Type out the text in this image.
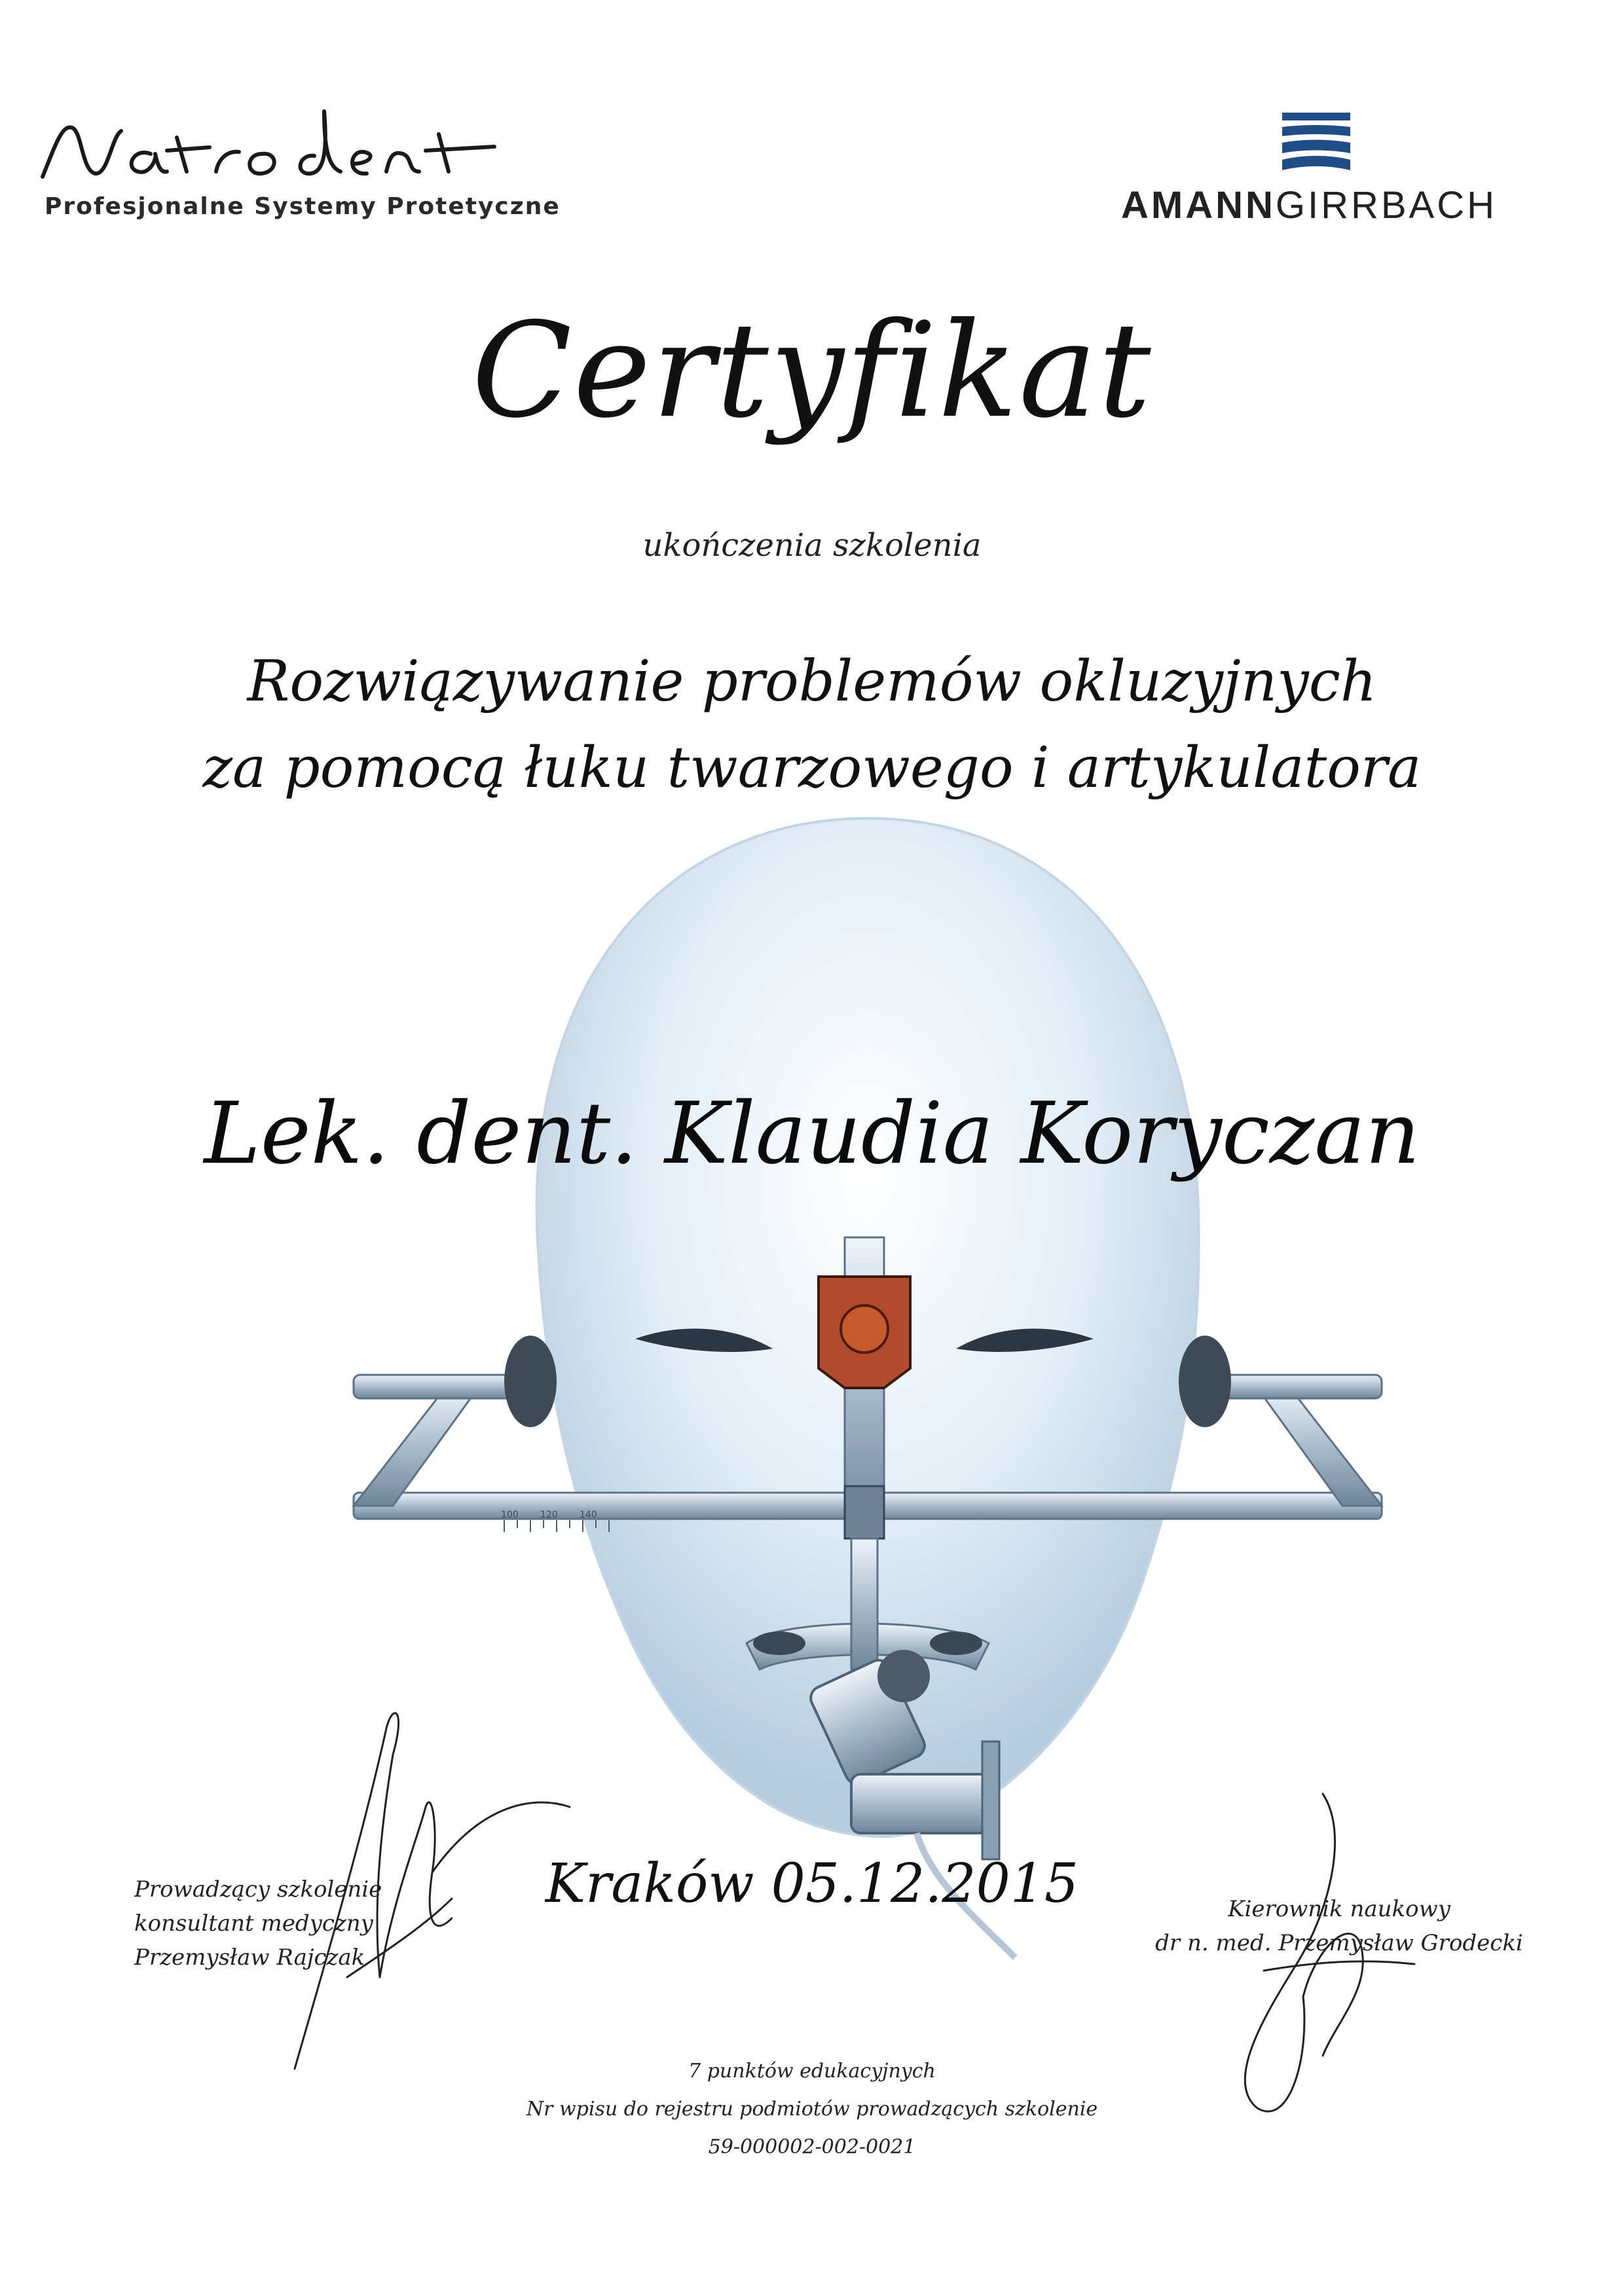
Profesjonalne Systemy Protetyczne	AMANNGIRRBACH
Certyfikat
ukończenia szkolenia
Rozwiązywanie problemów okluzyjnych
za pomocą łuku twarzowego i artykulatora
100 120 140
Lek. dent. Klaudia Koryczan
Prowadzący szkolenie
konsultant medyczny
Przemysław Rajczak
Kierownik naukowy
dr n. med. Przemysław Grodecki
Kraków 05.12.2015
7 punktów edukacyjnych
Nr wpisu do rejestru podmiotów prowadzących szkolenie
59-000002-002-0021
